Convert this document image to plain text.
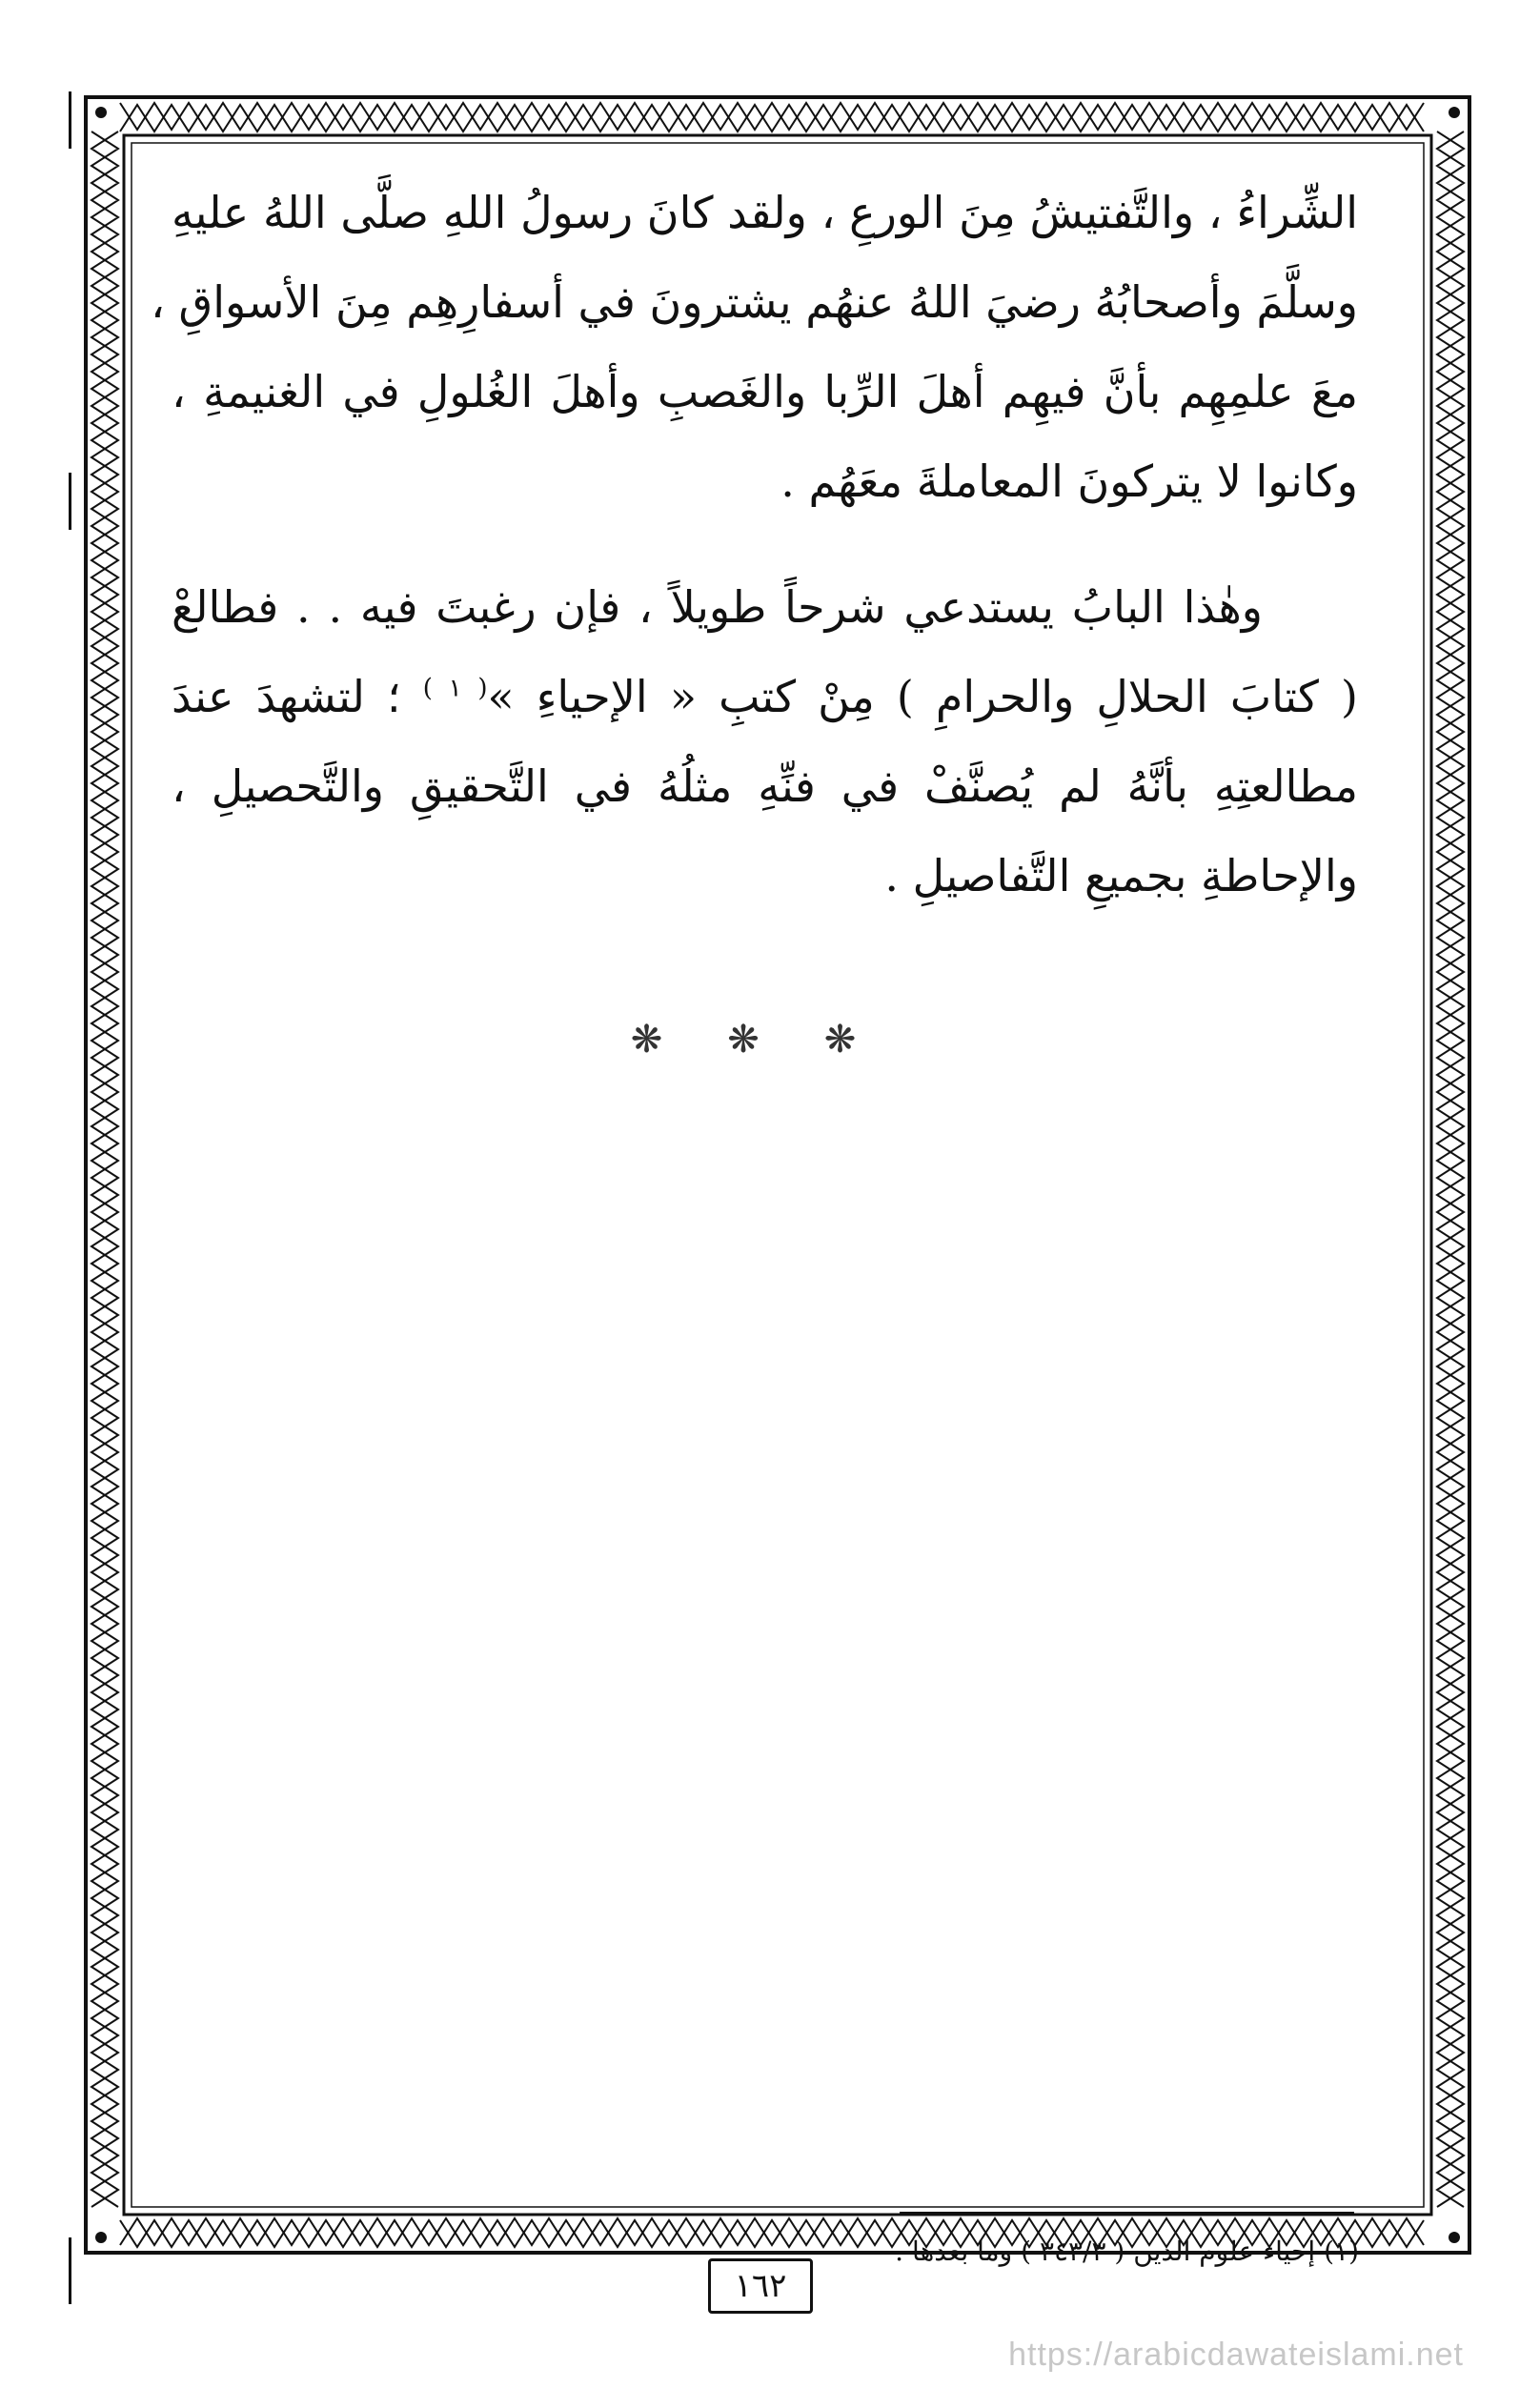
الشِّراءُ ، والتَّفتيشُ مِنَ الورعِ ، ولقد كانَ رسولُ اللهِ صلَّى اللهُ عليهِ

وسلَّمَ وأصحابُهُ رضيَ اللهُ عنهُم يشترونَ في أسفارِهِم مِنَ الأسواقِ ،

معَ علمِهِم بأنَّ فيهِم أهلَ الرِّبا والغَصبِ وأهلَ الغُلولِ في الغنيمةِ ،

وكانوا لا يتركونَ المعاملةَ معَهُم .

وهٰذا البابُ يستدعي شرحاً طويلاً ، فإن رغبتَ فيه . . فطالعْ

( كتابَ الحلالِ والحرامِ ) مِنْ كتبِ « الإحياءِ »$^{( ١ )}$ ؛ لتشهدَ عندَ

مطالعتِهِ بأنَّهُ لم يُصنَّفْ في فنِّهِ مثلُهُ في التَّحقيقِ والتَّحصيلِ ،

والإحاطةِ بجميعِ التَّفاصيلِ .

❋ ❋ ❋
(١) إحياء علوم الدين ( ٣٤٣/٣ ) وما بعدها .
١٦٢
https://arabicdawateislami.net
